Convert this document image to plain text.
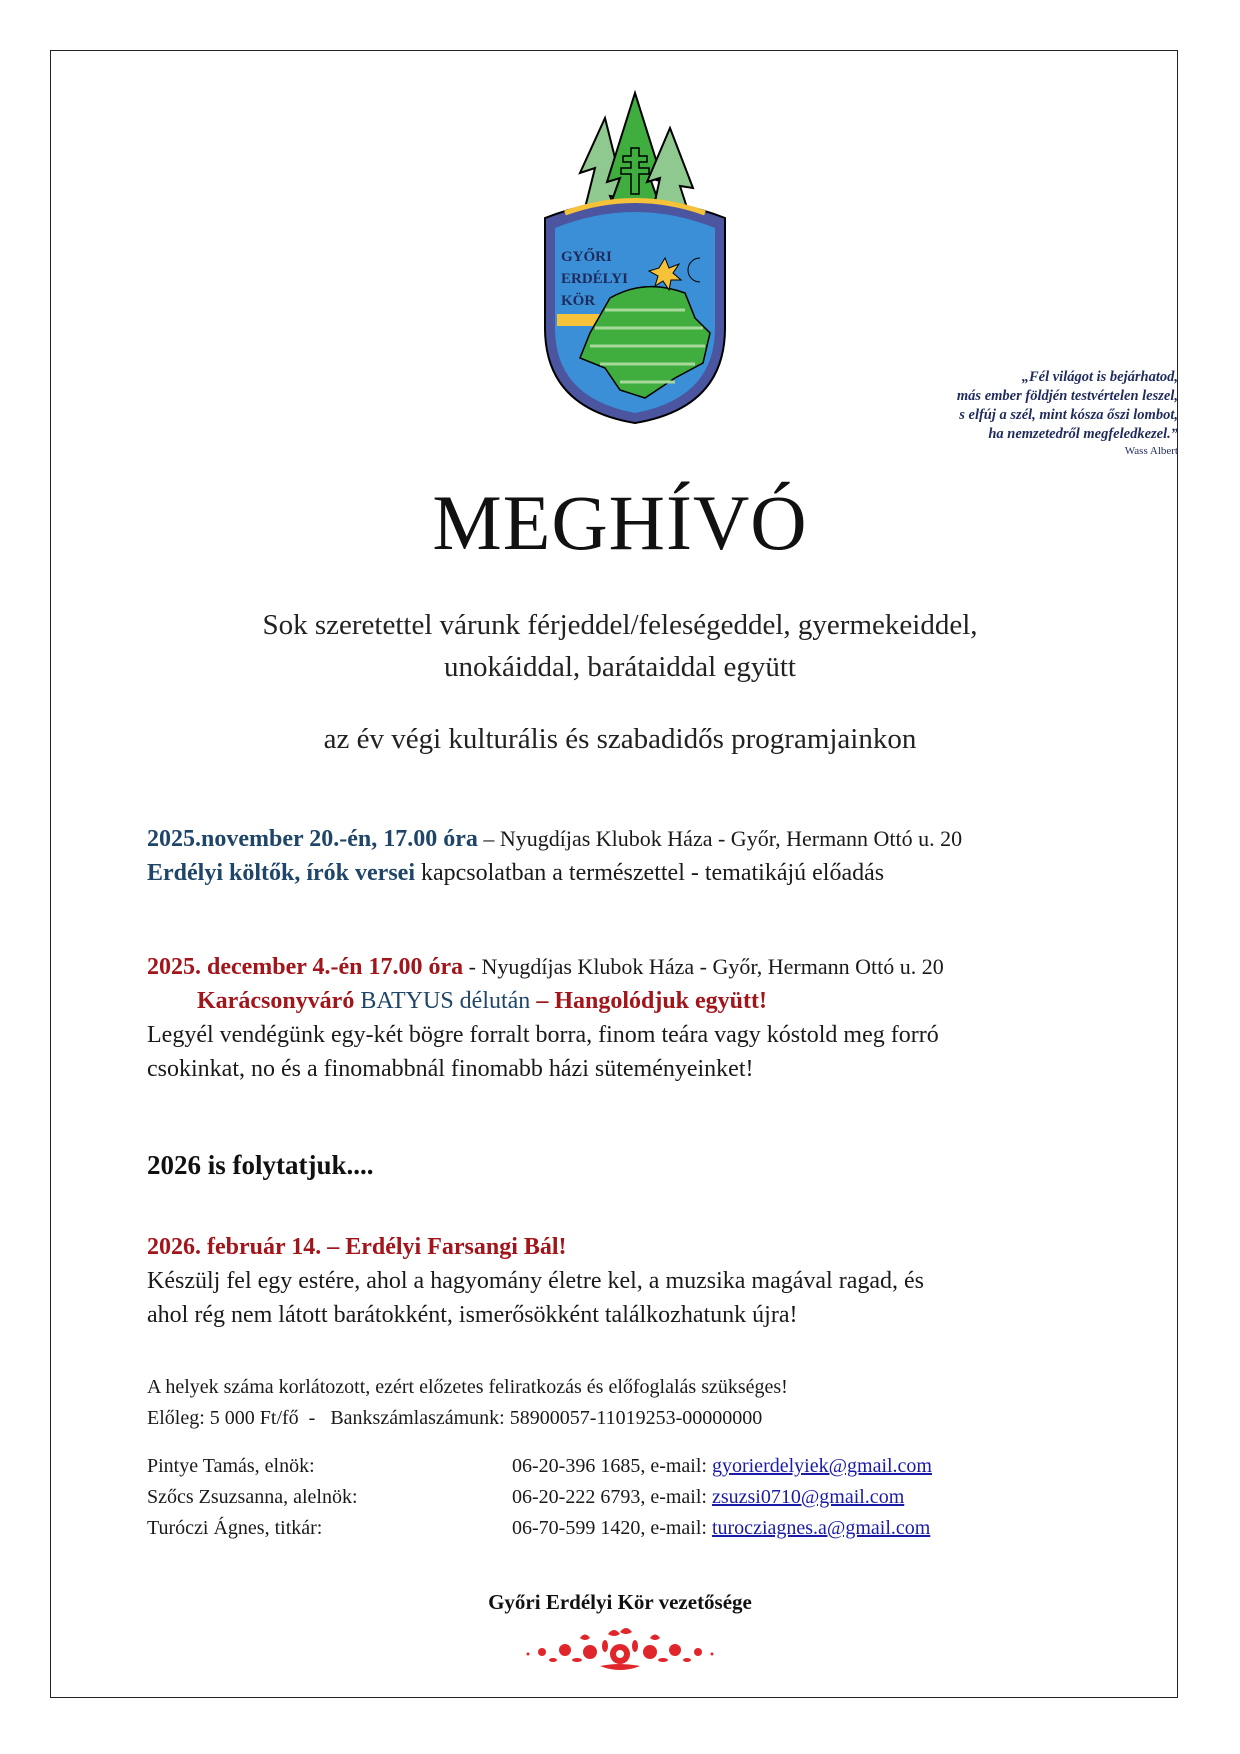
GYŐRI
ERDÉLYI
KÖR
„Fél világot is bejárhatod,
más ember földjén testvértelen leszel,
s elfúj a szél, mint kósza őszi lombot,
ha nemzetedről megfeledkezel.”
Wass Albert
MEGHÍVÓ
Sok szeretettel várunk férjeddel/feleségeddel, gyermekeiddel,
unokáiddal, barátaiddal együtt
az év végi kulturális és szabadidős programjainkon
2025.november 20.-én, 17.00 óra – Nyugdíjas Klubok Háza - Győr, Hermann Ottó u. 20
Erdélyi költők, írók versei kapcsolatban a természettel - tematikájú előadás
2025. december 4.-én 17.00 óra - Nyugdíjas Klubok Háza - Győr, Hermann Ottó u. 20
Karácsonyváró BATYUS délután – Hangolódjuk együtt!
Legyél vendégünk egy-két bögre forralt borra, finom teára vagy kóstold meg forró
csokinkat, no és a finomabbnál finomabb házi süteményeinket!
2026 is folytatjuk....
2026. február 14. – Erdélyi Farsangi Bál!
Készülj fel egy estére, ahol a hagyomány életre kel, a muzsika magával ragad, és
ahol rég nem látott barátokként, ismerősökként találkozhatunk újra!
A helyek száma korlátozott, ezért előzetes feliratkozás és előfoglalás szükséges!
Előleg: 5 000 Ft/fő  -   Bankszámlaszámunk: 58900057-11019253-00000000
Pintye Tamás, elnök:	06-20-396 1685, e-mail: gyorierdelyiek@gmail.com
Szőcs Zsuzsanna, alelnök:	06-20-222 6793, e-mail: zsuzsi0710@gmail.com
Turóczi Ágnes, titkár:	06-70-599 1420, e-mail: turocziagnes.a@gmail.com
Győri Erdélyi Kör vezetősége
